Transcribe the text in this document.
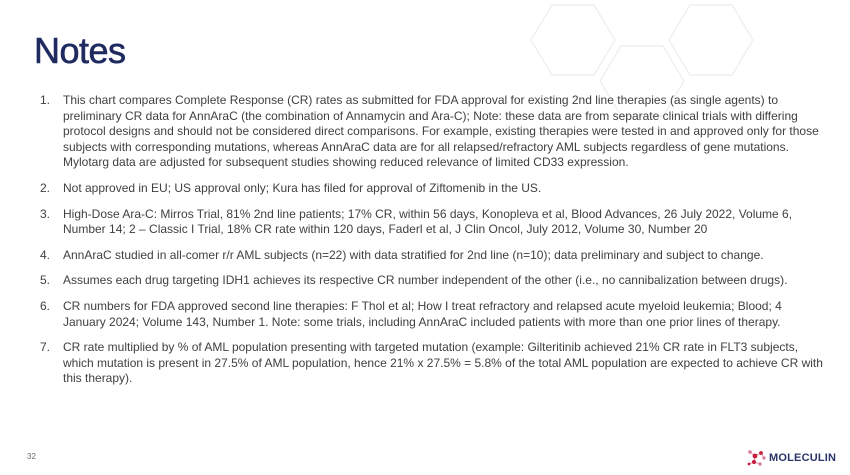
Notes
1. This chart compares Complete Response (CR) rates as submitted for FDA approval for existing 2nd line therapies (as single agents) to preliminary CR data for AnnAraC (the combination of Annamycin and Ara-C); Note: these data are from separate clinical trials with differing protocol designs and should not be considered direct comparisons. For example, existing therapies were tested in and approved only for those subjects with corresponding mutations, whereas AnnAraC data are for all relapsed/refractory AML subjects regardless of gene mutations. Mylotarg data are adjusted for subsequent studies showing reduced relevance of limited CD33 expression.
2. Not approved in EU; US approval only; Kura has filed for approval of Ziftomenib in the US.
3. High-Dose Ara-C: Mirros Trial, 81% 2nd line patients; 17% CR, within 56 days, Konopleva et al, Blood Advances, 26 July 2022, Volume 6, Number 14; 2 – Classic I Trial, 18% CR rate within 120 days, Faderl et al, J Clin Oncol, July 2012, Volume 30, Number 20
4. AnnAraC studied in all-comer r/r AML subjects (n=22) with data stratified for 2nd line (n=10); data preliminary and subject to change.
5. Assumes each drug targeting IDH1 achieves its respective CR number independent of the other (i.e., no cannibalization between drugs).
6. CR numbers for FDA approved second line therapies: F Thol et al; How I treat refractory and relapsed acute myeloid leukemia; Blood; 4 January 2024; Volume 143, Number 1. Note: some trials, including AnnAraC included patients with more than one prior lines of therapy.
7. CR rate multiplied by % of AML population presenting with targeted mutation (example: Gilteritinib achieved 21% CR rate in FLT3 subjects, which mutation is present in 27.5% of AML population, hence 21% x 27.5% = 5.8% of the total AML population are expected to achieve CR with this therapy).
32	MOLECULIN
